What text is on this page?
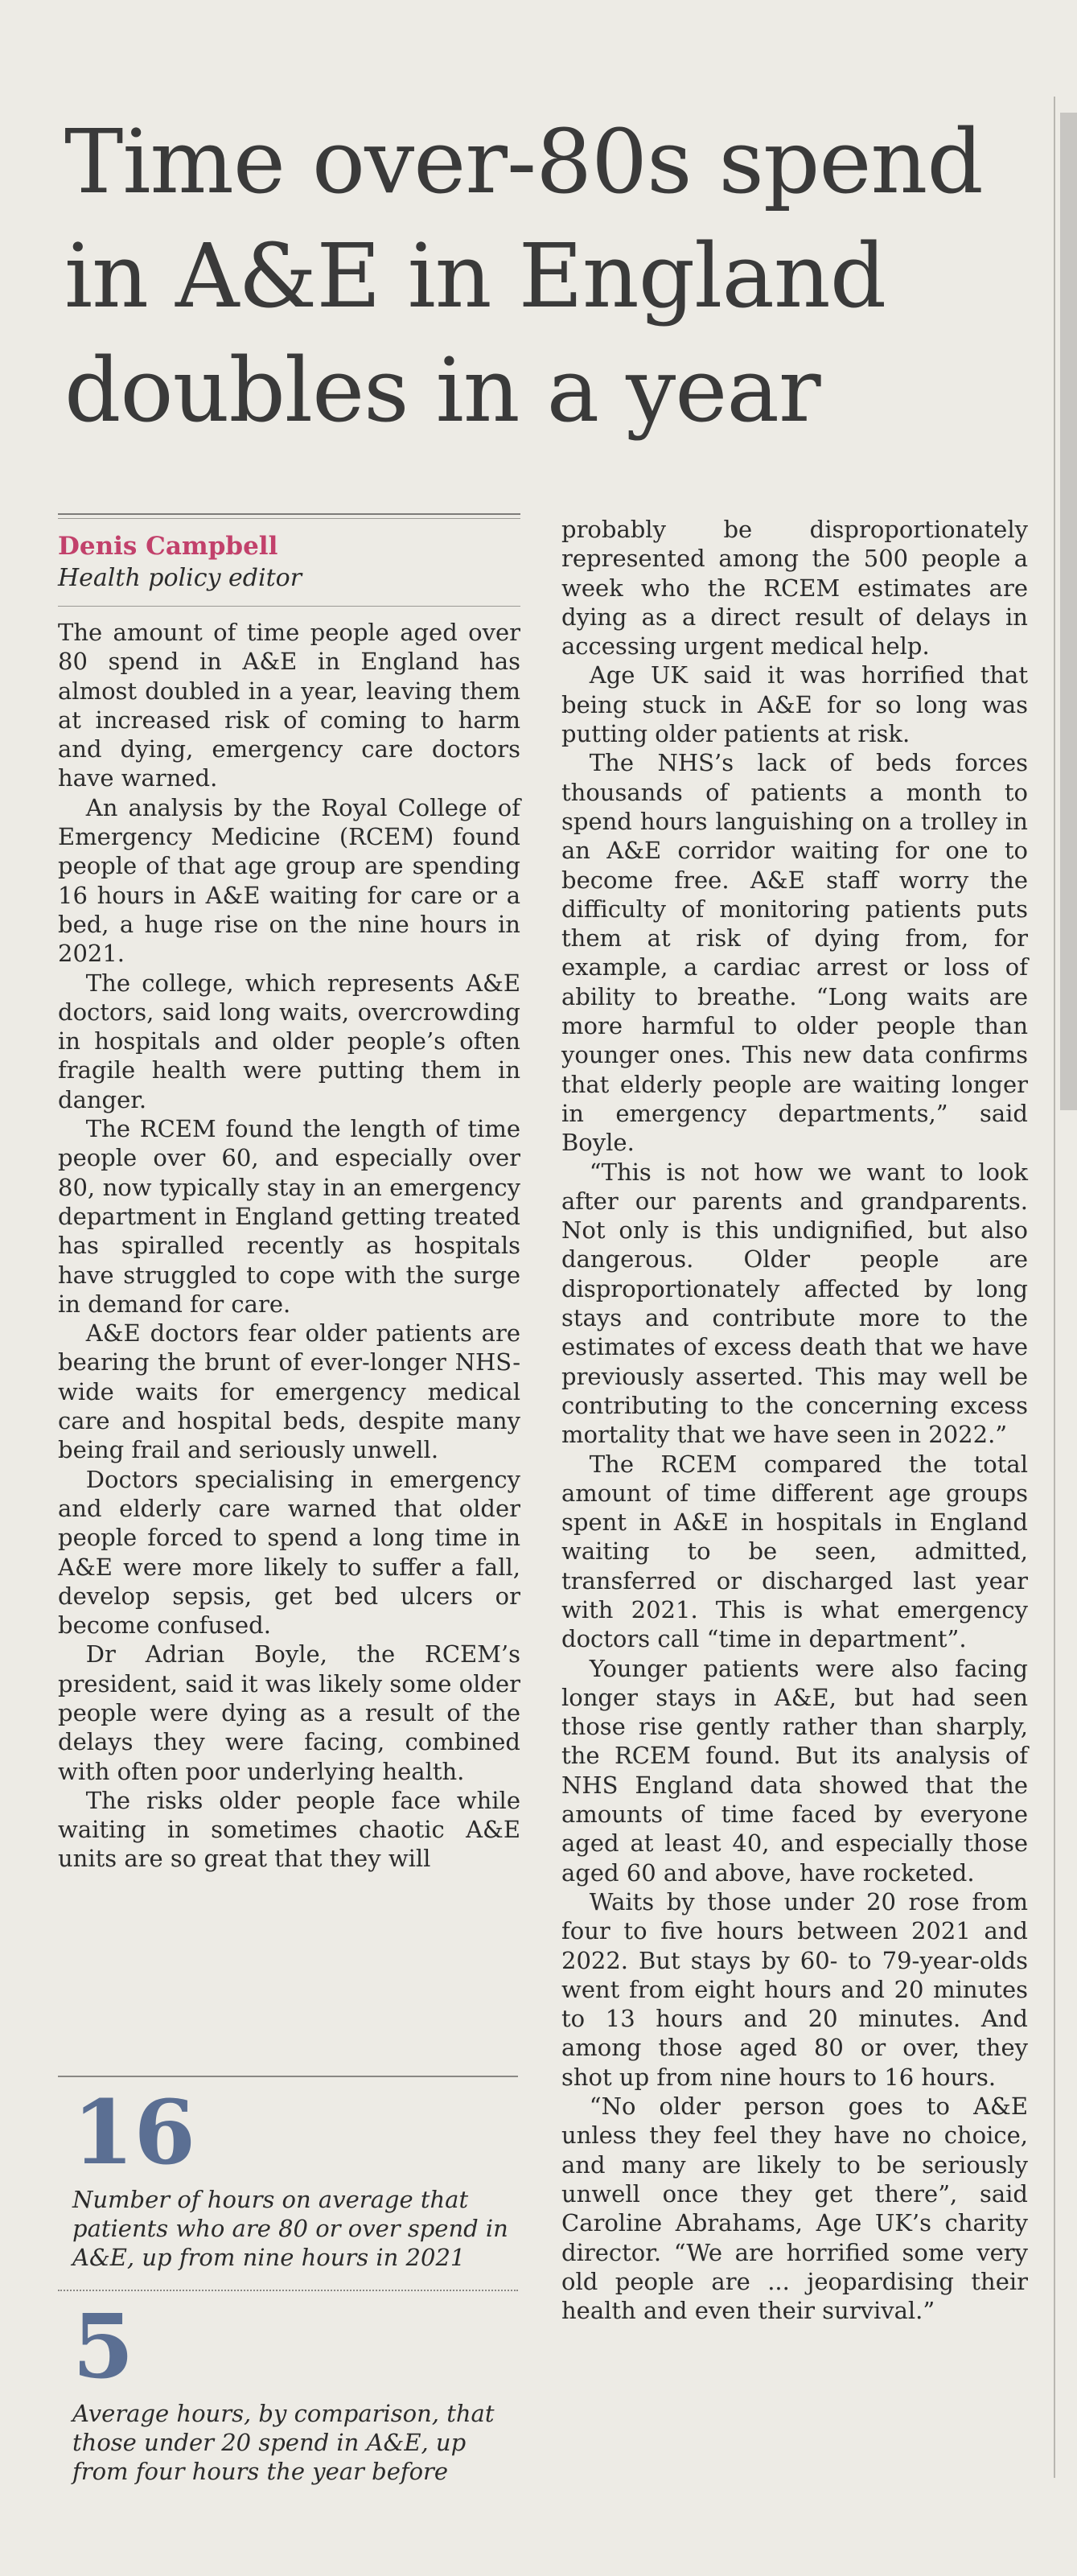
Time over-80s spend in A&E in England doubles in a year
Denis Campbell
Health policy editor

The amount of time people aged over 80 spend in A&E in England has almost doubled in a year, leaving them at increased risk of coming to harm and dying, emergency care doctors have warned.

An analysis by the Royal College of Emergency Medicine (RCEM) found people of that age group are spending 16 hours in A&E waiting for care or a bed, a huge rise on the nine hours in 2021.

The college, which represents A&E doctors, said long waits, overcrowding in hospitals and older people’s often fragile health were putting them in danger.

The RCEM found the length of time people over 60, and especially over 80, now typically stay in an emergency department in England getting treated has spiralled recently as hospitals have struggled to cope with the surge in demand for care.

A&E doctors fear older patients are bearing the brunt of ever-longer NHS-wide waits for emergency medical care and hospital beds, despite many being frail and seriously unwell.

Doctors specialising in emergency and elderly care warned that older people forced to spend a long time in A&E were more likely to suffer a fall, develop sepsis, get bed ulcers or become confused.

Dr Adrian Boyle, the RCEM’s president, said it was likely some older people were dying as a result of the delays they were facing, combined with often poor underlying health.

The risks older people face while waiting in sometimes chaotic A&E units are so great that they will

16
Number of hours on average that patients who are 80 or over spend in A&E, up from nine hours in 2021
5
Average hours, by comparison, that those under 20 spend in A&E, up from four hours the year before

probably be disproportionately represented among the 500 people a week who the RCEM estimates are dying as a direct result of delays in accessing urgent medical help.

Age UK said it was horrified that being stuck in A&E for so long was putting older patients at risk.

The NHS’s lack of beds forces thousands of patients a month to spend hours languishing on a trolley in an A&E corridor waiting for one to become free. A&E staff worry the difficulty of monitoring patients puts them at risk of dying from, for example, a cardiac arrest or loss of ability to breathe. “Long waits are more harmful to older people than younger ones. This new data confirms that elderly people are waiting longer in emergency departments,” said Boyle.

“This is not how we want to look after our parents and grandparents. Not only is this undignified, but also dangerous. Older people are disproportionately affected by long stays and contribute more to the estimates of excess death that we have previously asserted. This may well be contributing to the concerning excess mortality that we have seen in 2022.”

The RCEM compared the total amount of time different age groups spent in A&E in hospitals in England waiting to be seen, admitted, transferred or discharged last year with 2021. This is what emergency doctors call “time in department”.

Younger patients were also facing longer stays in A&E, but had seen those rise gently rather than sharply, the RCEM found. But its analysis of NHS England data showed that the amounts of time faced by everyone aged at least 40, and especially those aged 60 and above, have rocketed.

Waits by those under 20 rose from four to five hours between 2021 and 2022. But stays by 60- to 79-year-olds went from eight hours and 20 minutes to 13 hours and 20 minutes. And among those aged 80 or over, they shot up from nine hours to 16 hours.

“No older person goes to A&E unless they feel they have no choice, and many are likely to be seriously unwell once they get there”, said Caroline Abrahams, Age UK’s charity director. “We are horrified some very old people are ... jeopardising their health and even their survival.”
